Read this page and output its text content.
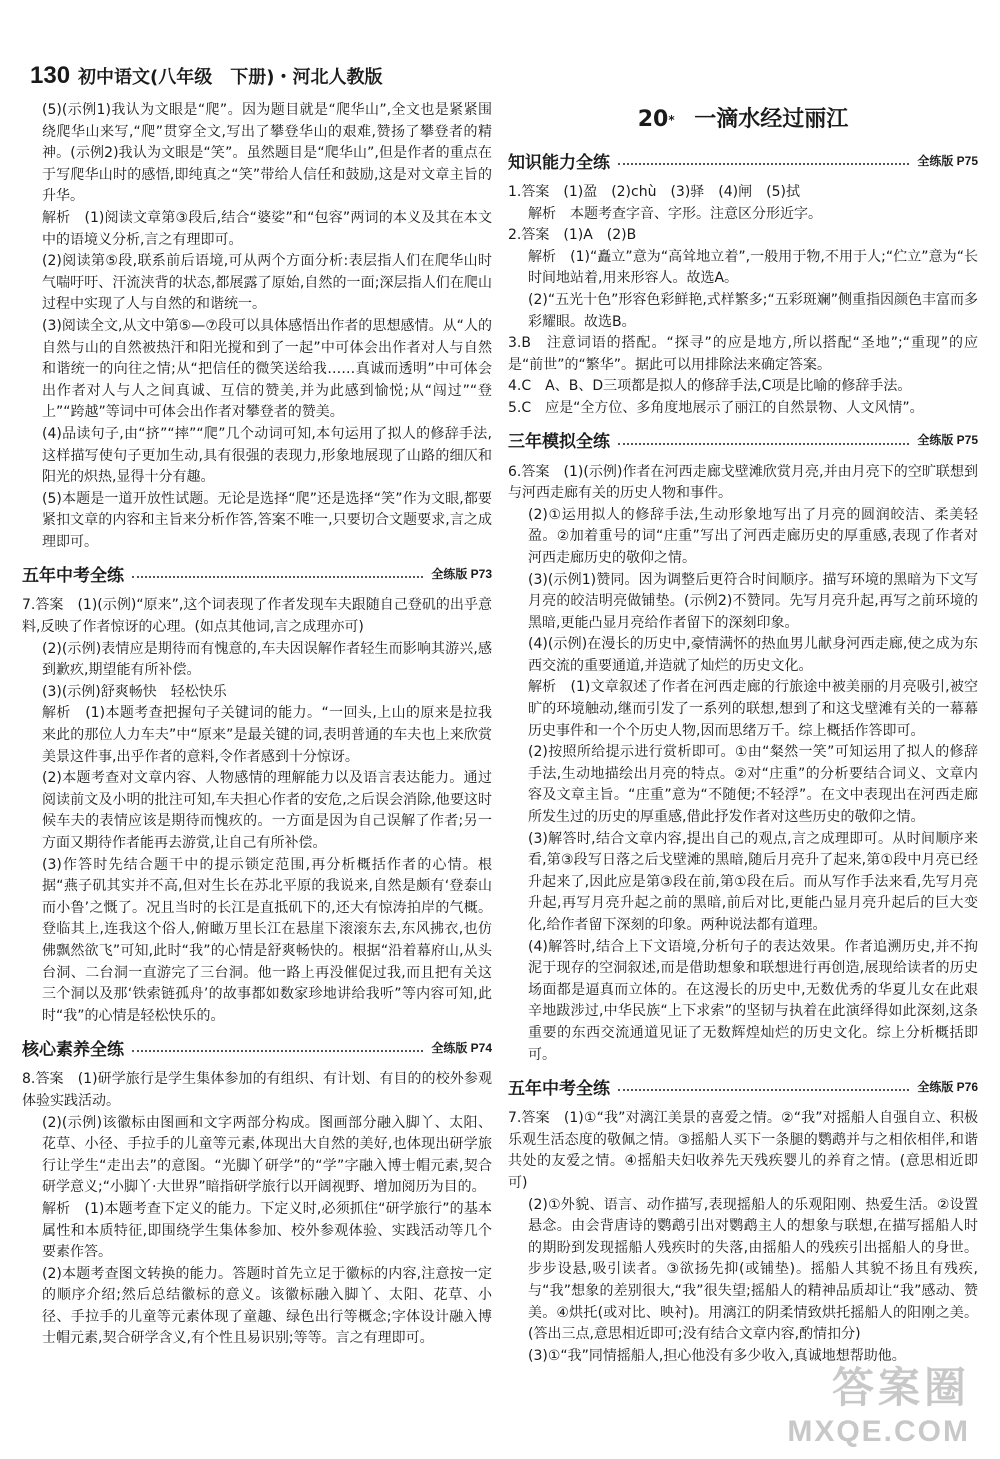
130 初中语文(八年级　下册)・河北人教版

(5)(示例1)我认为文眼是“爬”。因为题目就是“爬华山”,全文也是紧紧围绕爬华山来写,“爬”贯穿全文,写出了攀登华山的艰难,赞扬了攀登者的精神。(示例2)我认为文眼是“笑”。虽然题目是“爬华山”,但是作者的重点在于写爬华山时的感悟,即纯真之“笑”带给人信任和鼓励,这是对文章主旨的升华。

解析　(1)阅读文章第③段后,结合“婆娑”和“包容”两词的本义及其在本文中的语境义分析,言之有理即可。

(2)阅读第⑤段,联系前后语境,可从两个方面分析:表层指人们在爬华山时气喘吁吁、汗流浃背的状态,都展露了原始,自然的一面;深层指人们在爬山过程中实现了人与自然的和谐统一。

(3)阅读全文,从文中第⑤—⑦段可以具体感悟出作者的思想感情。从“人的自然与山的自然被热汗和阳光搅和到了一起”中可体会出作者对人与自然和谐统一的向往之情;从“把信任的微笑送给我……真诚而透明”中可体会出作者对人与人之间真诚、互信的赞美,并为此感到愉悦;从“闯过”“登上”“跨越”等词中可体会出作者对攀登者的赞美。

(4)品读句子,由“挤”“摔”“爬”几个动词可知,本句运用了拟人的修辞手法,这样描写使句子更加生动,具有很强的表现力,形象地展现了山路的细仄和阳光的炽热,显得十分有趣。

(5)本题是一道开放性试题。无论是选择“爬”还是选择“笑”作为文眼,都要紧扣文章的内容和主旨来分析作答,答案不唯一,只要切合文题要求,言之成理即可。

五年中考全练	全练版 P73

7.答案　(1)(示例)“原来”,这个词表现了作者发现车夫跟随自己登矶的出乎意料,反映了作者惊讶的心理。(如点其他词,言之成理亦可)

(2)(示例)表情应是期待而有愧意的,车夫因误解作者轻生而影响其游兴,感到歉疚,期望能有所补偿。

(3)(示例)舒爽畅快　轻松快乐

解析　(1)本题考查把握句子关键词的能力。“一回头,上山的原来是拉我来此的那位人力车夫”中“原来”是最关键的词,表明普通的车夫也上来欣赏美景这件事,出乎作者的意料,令作者感到十分惊讶。

(2)本题考查对文章内容、人物感情的理解能力以及语言表达能力。通过阅读前文及小明的批注可知,车夫担心作者的安危,之后误会消除,他要这时候车夫的表情应该是期待而愧疚的。一方面是因为自己误解了作者;另一方面又期待作者能再去游赏,让自己有所补偿。

(3)作答时先结合题干中的提示锁定范围,再分析概括作者的心情。根据“燕子矶其实并不高,但对生长在苏北平原的我说来,自然是颇有‘登泰山而小鲁’之慨了。况且当时的长江是直抵矶下的,还大有惊涛拍岸的气概。登临其上,连我这个俗人,俯瞰万里长江在悬崖下滚滚东去,东风拂衣,也仿佛飘然欲飞”可知,此时“我”的心情是舒爽畅快的。根据“沿着幕府山,从头台洞、二台洞一直游完了三台洞。他一路上再没催促过我,而且把有关这三个洞以及那‘铁索链孤舟’的故事都如数家珍地讲给我听”等内容可知,此时“我”的心情是轻松快乐的。

核心素养全练	全练版 P74

8.答案　(1)研学旅行是学生集体参加的有组织、有计划、有目的的校外参观体验实践活动。

(2)(示例)该徽标由图画和文字两部分构成。图画部分融入脚丫、太阳、花草、小径、手拉手的儿童等元素,体现出大自然的美好,也体现出研学旅行让学生“走出去”的意图。“光脚丫研学”的“学”字融入博士帽元素,契合研学意义;“小脚丫·大世界”暗指研学旅行以开阔视野、增加阅历为目的。

解析　(1)本题考查下定义的能力。下定义时,必须抓住“研学旅行”的基本属性和本质特征,即围绕学生集体参加、校外参观体验、实践活动等几个要素作答。

(2)本题考查图文转换的能力。答题时首先立足于徽标的内容,注意按一定的顺序介绍;然后总结徽标的意义。该徽标融入脚丫、太阳、花草、小径、手拉手的儿童等元素体现了童趣、绿色出行等概念;字体设计融入博士帽元素,契合研学含义,有个性且易识别;等等。言之有理即可。

20* 一滴水经过丽江
知识能力全练	全练版 P75

1.答案　(1)盈　(2)chù　(3)驿　(4)闸　(5)拭

解析　本题考查字音、字形。注意区分形近字。

2.答案　(1)A　(2)B

解析　(1)“矗立”意为“高耸地立着”,一般用于物,不用于人;“伫立”意为“长时间地站着,用来形容人。故选A。

(2)“五光十色”形容色彩鲜艳,式样繁多;“五彩斑斓”侧重指因颜色丰富而多彩耀眼。故选B。

3.B　注意词语的搭配。“探寻”的应是地方,所以搭配“圣地”;“重现”的应是“前世”的“繁华”。据此可以用排除法来确定答案。

4.C　A、B、D三项都是拟人的修辞手法,C项是比喻的修辞手法。

5.C　应是“全方位、多角度地展示了丽江的自然景物、人文风情”。

三年模拟全练	全练版 P75

6.答案　(1)(示例)作者在河西走廊戈壁滩欣赏月亮,并由月亮下的空旷联想到与河西走廊有关的历史人物和事件。

(2)①运用拟人的修辞手法,生动形象地写出了月亮的圆润皎洁、柔美轻盈。②加着重号的词“庄重”写出了河西走廊历史的厚重感,表现了作者对河西走廊历史的敬仰之情。

(3)(示例1)赞同。因为调整后更符合时间顺序。描写环境的黑暗为下文写月亮的皎洁明亮做铺垫。(示例2)不赞同。先写月亮升起,再写之前环境的黑暗,更能凸显月亮给作者留下的深刻印象。

(4)(示例)在漫长的历史中,豪情满怀的热血男儿献身河西走廊,使之成为东西交流的重要通道,并造就了灿烂的历史文化。

解析　(1)文章叙述了作者在河西走廊的行旅途中被美丽的月亮吸引,被空旷的环境触动,继而引发了一系列的联想,想到了和这戈壁滩有关的一幕幕历史事件和一个个历史人物,因而思绪万千。综上概括作答即可。

(2)按照所给提示进行赏析即可。①由“粲然一笑”可知运用了拟人的修辞手法,生动地描绘出月亮的特点。②对“庄重”的分析要结合词义、文章内容及文章主旨。“庄重”意为“不随便;不轻浮”。在文中表现出在河西走廊所发生过的历史的厚重感,借此抒发作者对这些历史的敬仰之情。

(3)解答时,结合文章内容,提出自己的观点,言之成理即可。从时间顺序来看,第③段写日落之后戈壁滩的黑暗,随后月亮升了起来,第①段中月亮已经升起来了,因此应是第③段在前,第①段在后。而从写作手法来看,先写月亮升起,再写月亮升起之前的黑暗,前后对比,更能凸显月亮升起后的巨大变化,给作者留下深刻的印象。两种说法都有道理。

(4)解答时,结合上下文语境,分析句子的表达效果。作者追溯历史,并不拘泥于现存的空洞叙述,而是借助想象和联想进行再创造,展现给读者的历史场面都是逼真而立体的。在这漫长的历史中,无数优秀的华夏儿女在此艰辛地跋涉过,中华民族“上下求索”的坚韧与执着在此演绎得如此深刻,这条重要的东西交流通道见证了无数辉煌灿烂的历史文化。综上分析概括即可。

五年中考全练	全练版 P76

7.答案　(1)①“我”对漓江美景的喜爱之情。②“我”对摇船人自强自立、积极乐观生活态度的敬佩之情。③摇船人买下一条腿的鹦鹉并与之相依相伴,和谐共处的友爱之情。④摇船夫妇收养先天残疾婴儿的养育之情。(意思相近即可)

(2)①外貌、语言、动作描写,表现摇船人的乐观阳刚、热爱生活。②设置悬念。由会背唐诗的鹦鹉引出对鹦鹉主人的想象与联想,在描写摇船人时的期盼到发现摇船人残疾时的失落,由摇船人的残疾引出摇船人的身世。步步设悬,吸引读者。③欲扬先抑(或铺垫)。摇船人其貌不扬且有残疾,与“我”想象的差别很大,“我”很失望;摇船人的精神品质却让“我”感动、赞美。④烘托(或对比、映衬)。用漓江的阴柔情致烘托摇船人的阳刚之美。(答出三点,意思相近即可;没有结合文章内容,酌情扣分)

(3)①“我”同情摇船人,担心他没有多少收入,真诚地想帮助他。

答案圈
MXQE.COM
